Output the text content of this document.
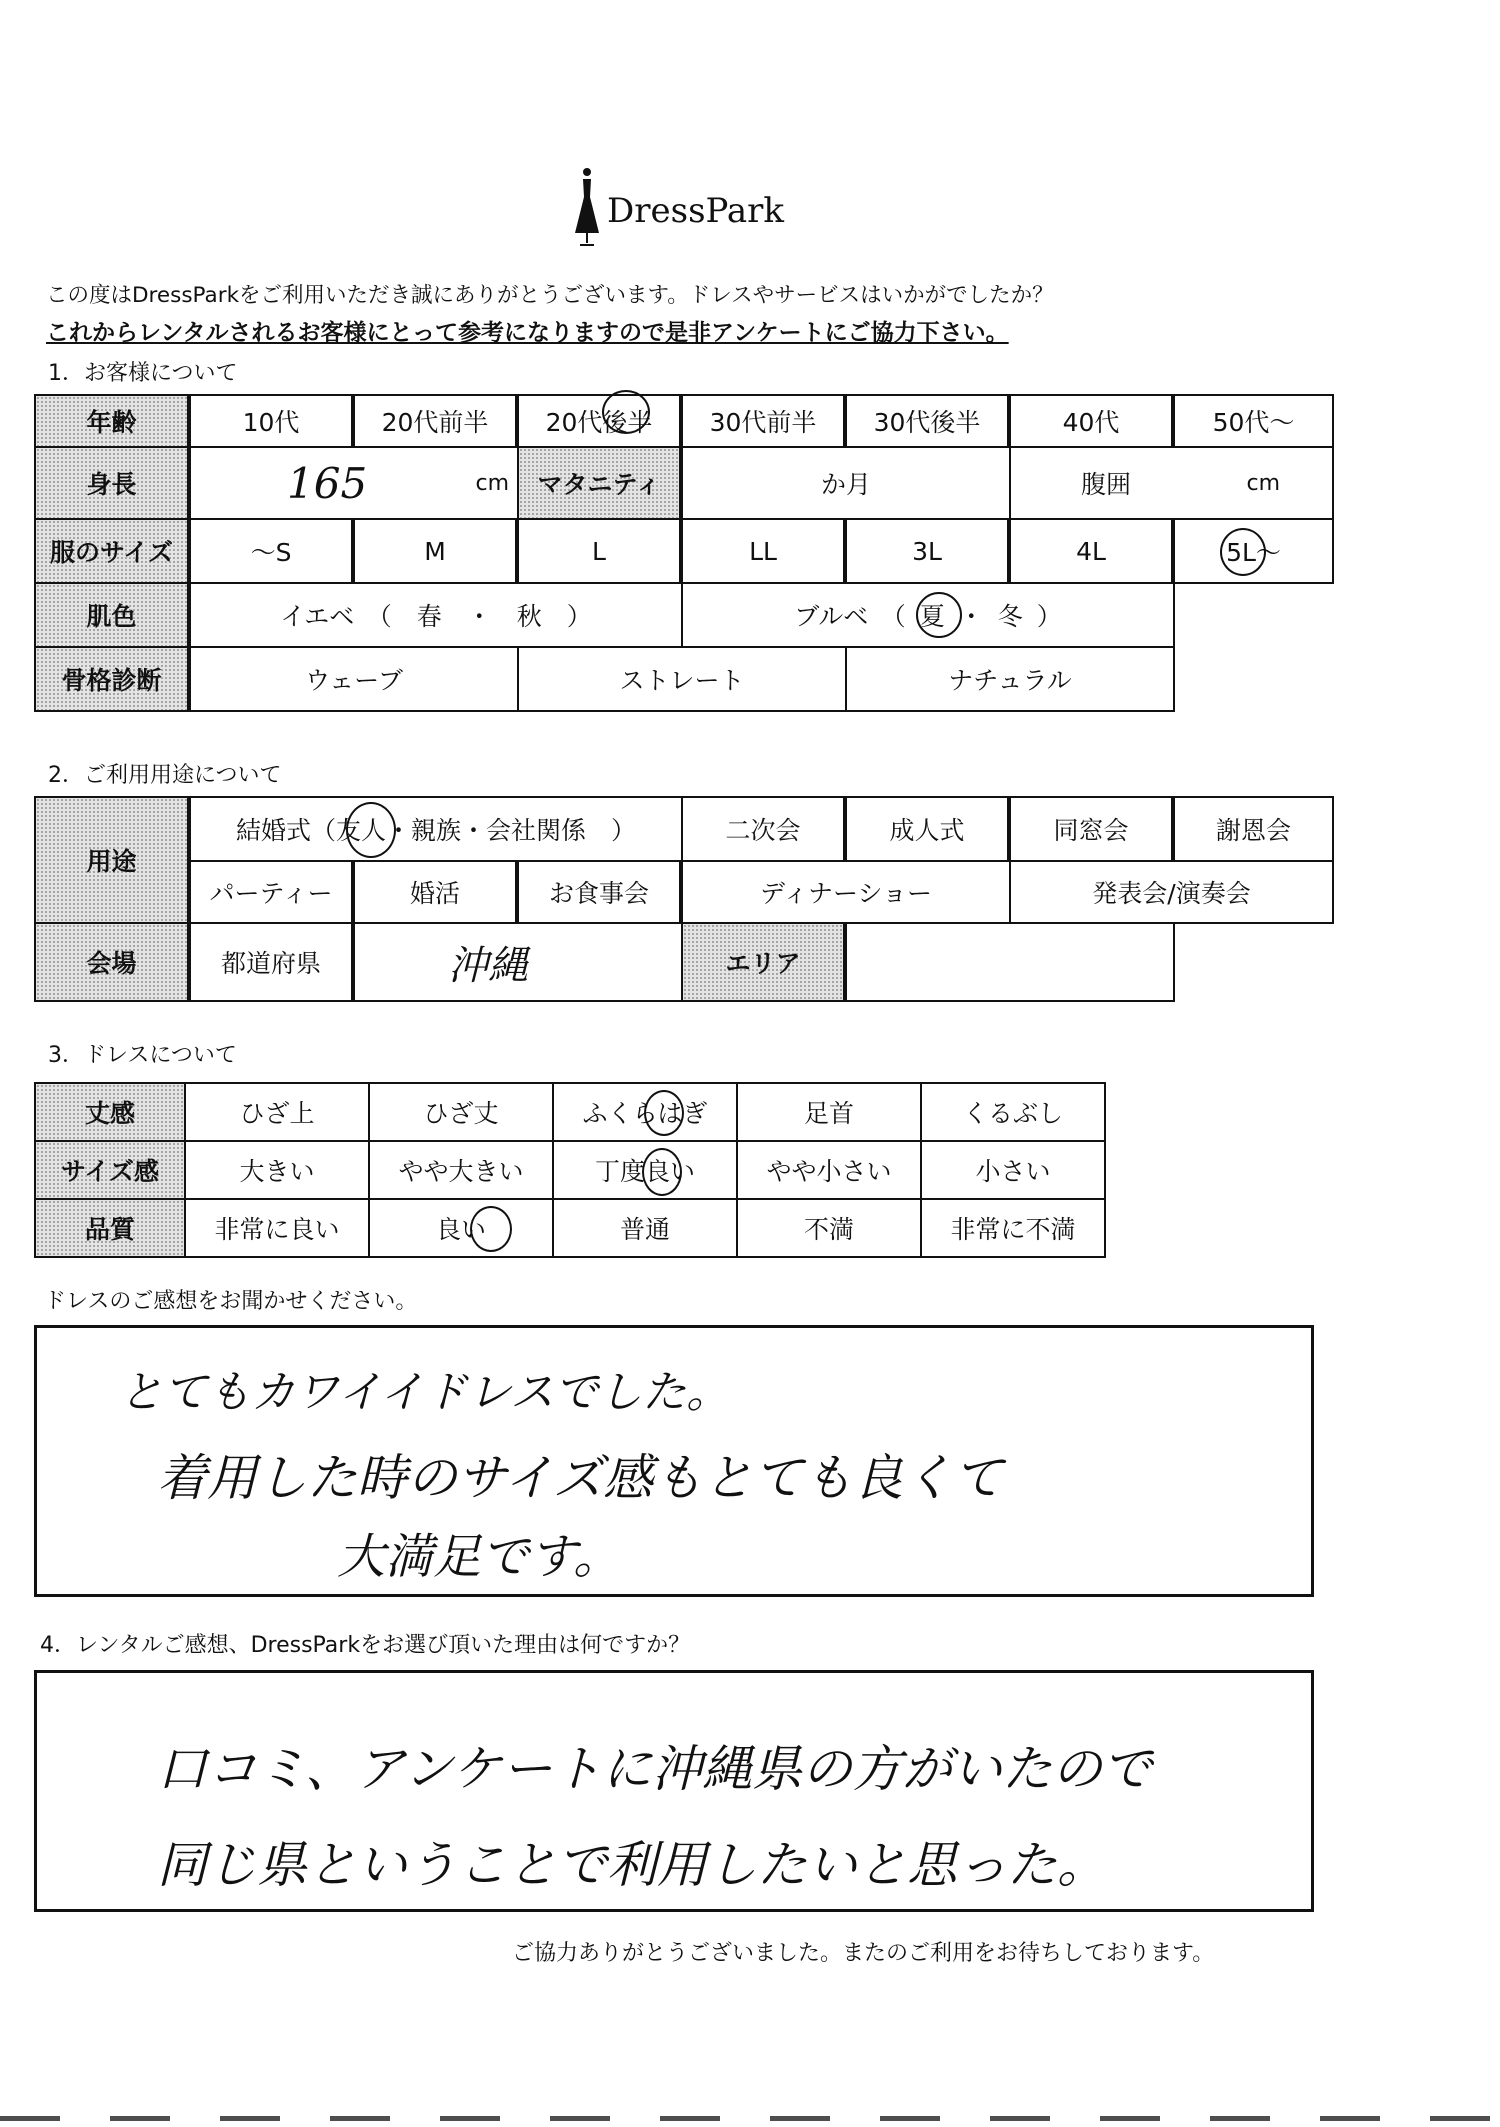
DressPark
この度はDressParkをご利用いただき誠にありがとうございます。ドレスやサービスはいかがでしたか？
これからレンタルされるお客様にとって参考になりますので是非アンケートにご協力下さい。
1．お客様について
年齢	10代	20代前半	20代後半	30代前半	30代後半	40代	50代～
身長	165	cm	マタニティ	か月	腹囲	cm
服のサイズ	～S	M	L	LL	3L	4L	5L～
肌色	イエベ　（　春　・　秋　）	ブルベ　（ 夏 ・ 冬 ）
骨格診断	ウェーブ	ストレート	ナチュラル
2．ご利用用途について
用途
結婚式（ 友人 ・親族・会社関係　）	二次会	成人式	同窓会	謝恩会
パーティー	婚活	お食事会	ディナーショー	発表会/演奏会
会場	都道府県	沖縄	エリア
3．ドレスについて
丈感	ひざ上	ひざ丈	ふくらはぎ	足首	くるぶし
サイズ感	大きい	やや大きい	丁度良い	やや小さい	小さい
品質	非常に良い	良い	普通	不満	非常に不満
ドレスのご感想をお聞かせください。
とてもカワイイドレスでした。
着用した時のサイズ感もとても良くて
大満足です。
4．レンタルご感想、DressParkをお選び頂いた理由は何ですか？
口コミ、アンケートに沖縄県の方がいたので
同じ県ということで利用したいと思った。
ご協力ありがとうございました。またのご利用をお待ちしております。
